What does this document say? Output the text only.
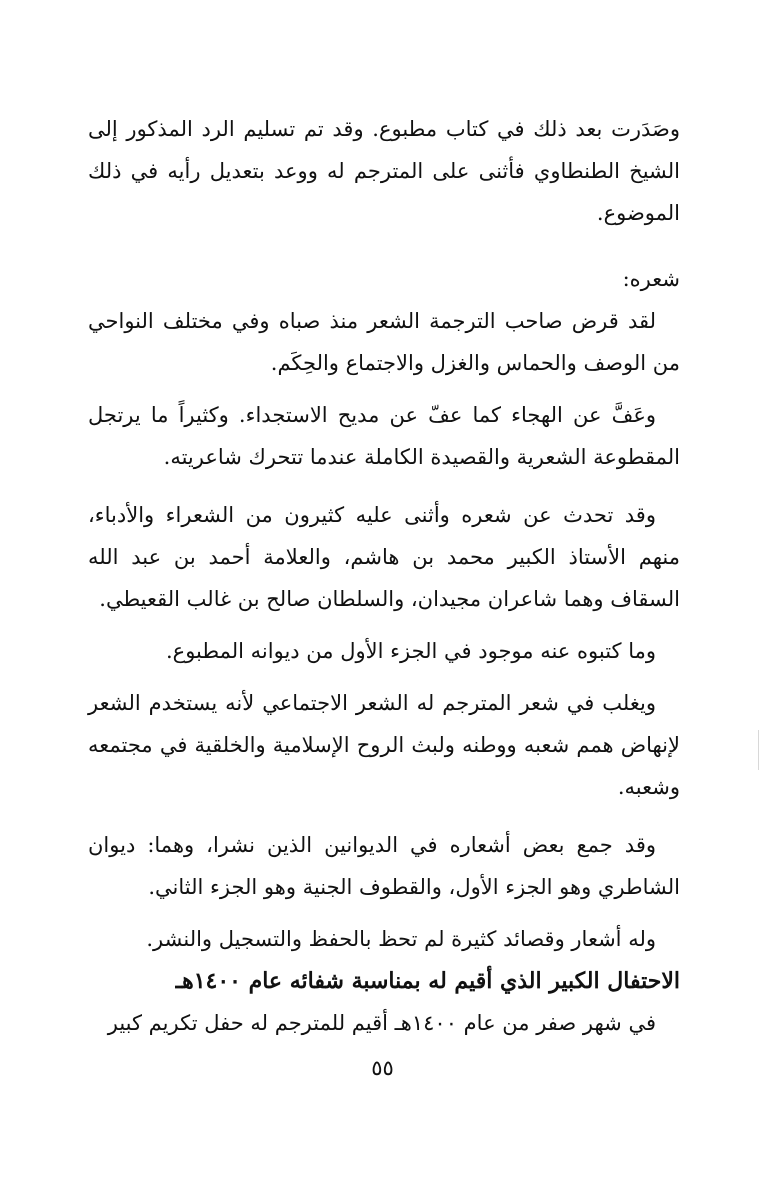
وصَدَرت بعد ذلك في كتاب مطبوع. وقد تم تسليم الرد المذكور إلى الشيخ الطنطاوي فأثنى على المترجم له ووعد بتعديل رأيه في ذلك الموضوع.

شعره:

لقد قرض صاحب الترجمة الشعر منذ صباه وفي مختلف النواحي من الوصف والحماس والغزل والاجتماع والحِكَم.

وعَفَّ عن الهجاء كما عفّ عن مديح الاستجداء. وكثيراً ما يرتجل المقطوعة الشعرية والقصيدة الكاملة عندما تتحرك شاعريته.

وقد تحدث عن شعره وأثنى عليه كثيرون من الشعراء والأدباء، منهم الأستاذ الكبير محمد بن هاشم، والعلامة أحمد بن عبد الله السقاف وهما شاعران مجيدان، والسلطان صالح بن غالب القعيطي.

وما كتبوه عنه موجود في الجزء الأول من ديوانه المطبوع.

ويغلب في شعر المترجم له الشعر الاجتماعي لأنه يستخدم الشعر لإنهاض همم شعبه ووطنه ولبث الروح الإسلامية والخلقية في مجتمعه وشعبه.

وقد جمع بعض أشعاره في الديوانين الذين نشرا، وهما: ديوان الشاطري وهو الجزء الأول، والقطوف الجنية وهو الجزء الثاني.

وله أشعار وقصائد كثيرة لم تحظ بالحفظ والتسجيل والنشر.

الاحتفال الكبير الذي أقيم له بمناسبة شفائه عام ١٤٠٠هـ

في شهر صفر من عام ١٤٠٠هـ أقيم للمترجم له حفل تكريم كبير

٥٥
